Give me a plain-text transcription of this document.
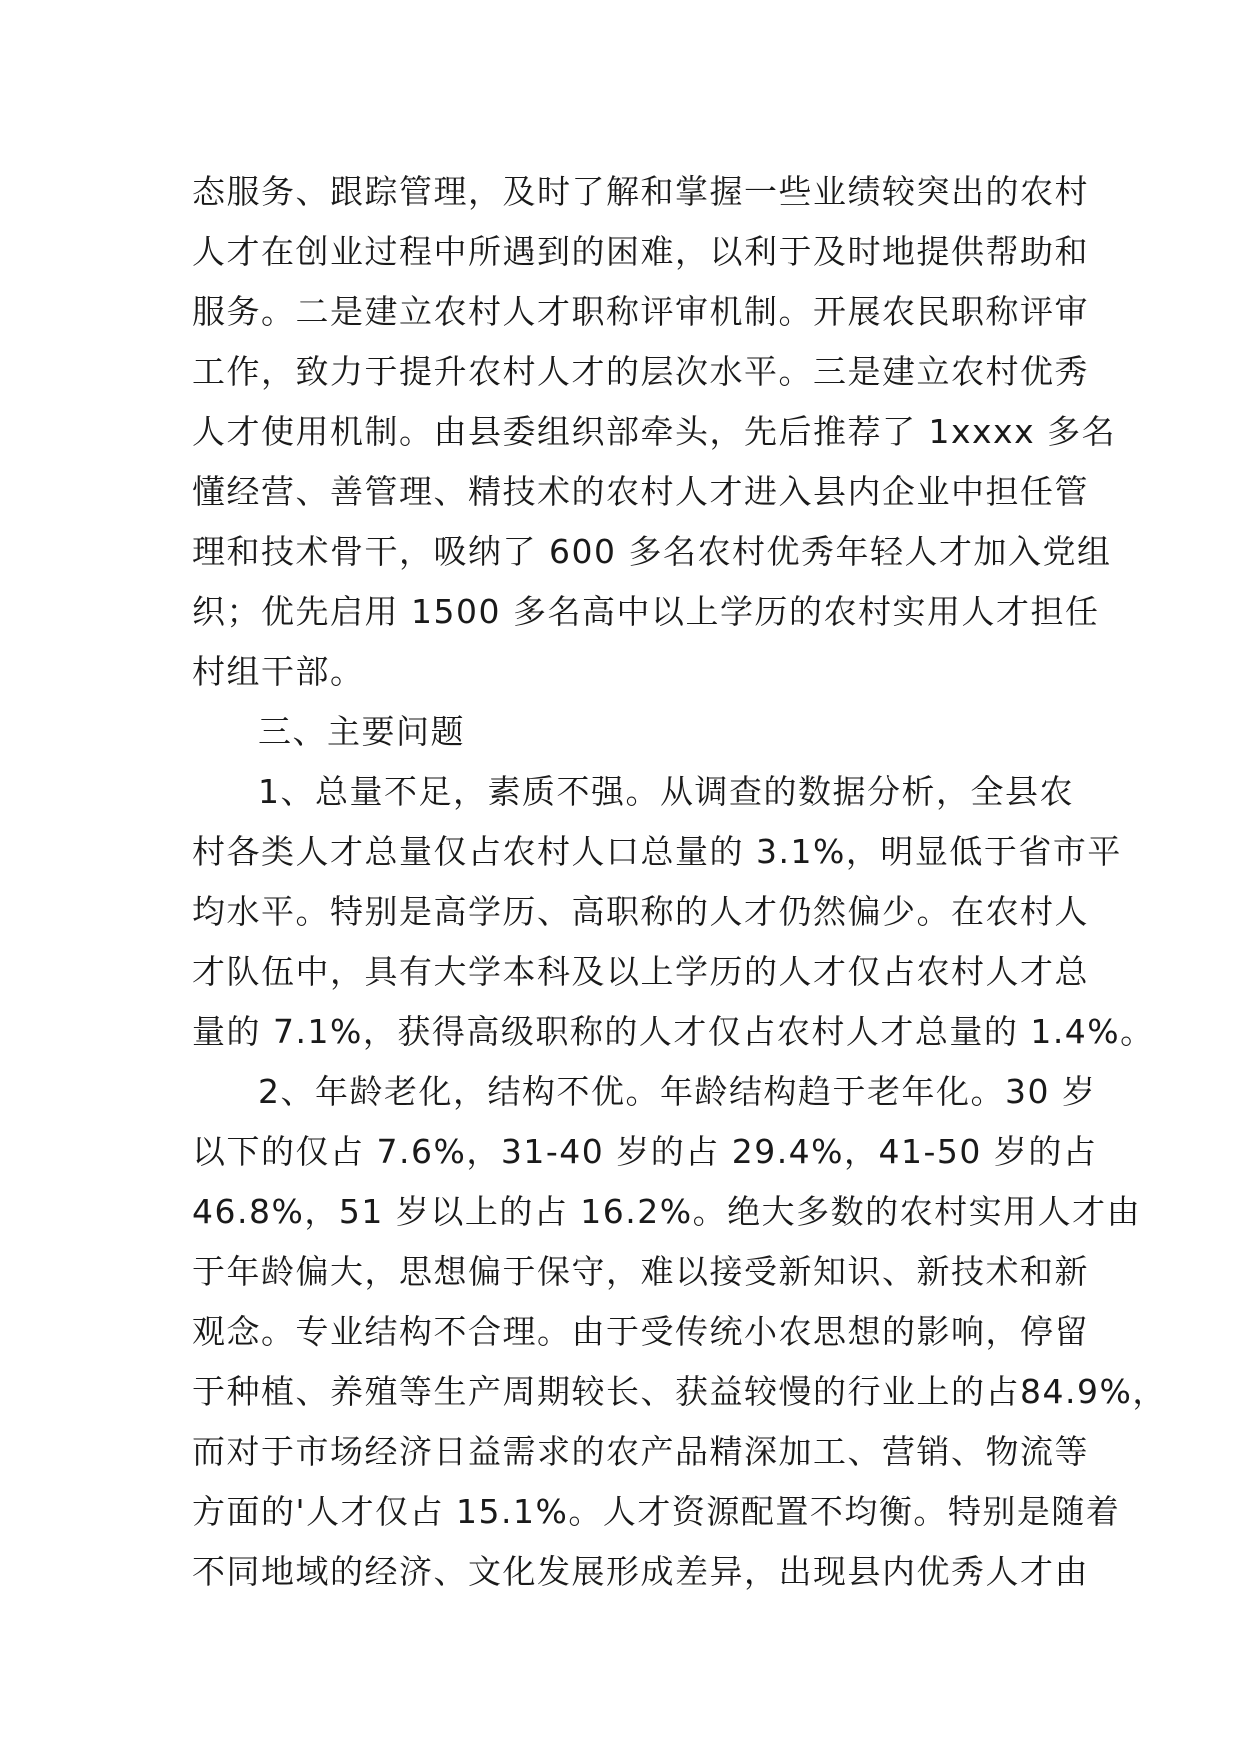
态服务、跟踪管理，及时了解和掌握一些业绩较突出的农村

人才在创业过程中所遇到的困难，以利于及时地提供帮助和

服务。二是建立农村人才职称评审机制。开展农民职称评审

工作，致力于提升农村人才的层次水平。三是建立农村优秀

人才使用机制。由县委组织部牵头，先后推荐了 1xxxx 多名

懂经营、善管理、精技术的农村人才进入县内企业中担任管

理和技术骨干，吸纳了 600 多名农村优秀年轻人才加入党组

织；优先启用 1500 多名高中以上学历的农村实用人才担任

村组干部。

三、主要问题

1、总量不足，素质不强。从调查的数据分析，全县农

村各类人才总量仅占农村人口总量的 3.1%，明显低于省市平

均水平。特别是高学历、高职称的人才仍然偏少。在农村人

才队伍中，具有大学本科及以上学历的人才仅占农村人才总

量的 7.1%，获得高级职称的人才仅占农村人才总量的 1.4%。

2、年龄老化，结构不优。年龄结构趋于老年化。30 岁

以下的仅占 7.6%，31-40 岁的占 29.4%，41-50 岁的占

46.8%，51 岁以上的占 16.2%。绝大多数的农村实用人才由

于年龄偏大，思想偏于保守，难以接受新知识、新技术和新

观念。专业结构不合理。由于受传统小农思想的影响，停留

于种植、养殖等生产周期较长、获益较慢的行业上的占84.9%，

而对于市场经济日益需求的农产品精深加工、营销、物流等

方面的'人才仅占 15.1%。人才资源配置不均衡。特别是随着

不同地域的经济、文化发展形成差异，出现县内优秀人才由
